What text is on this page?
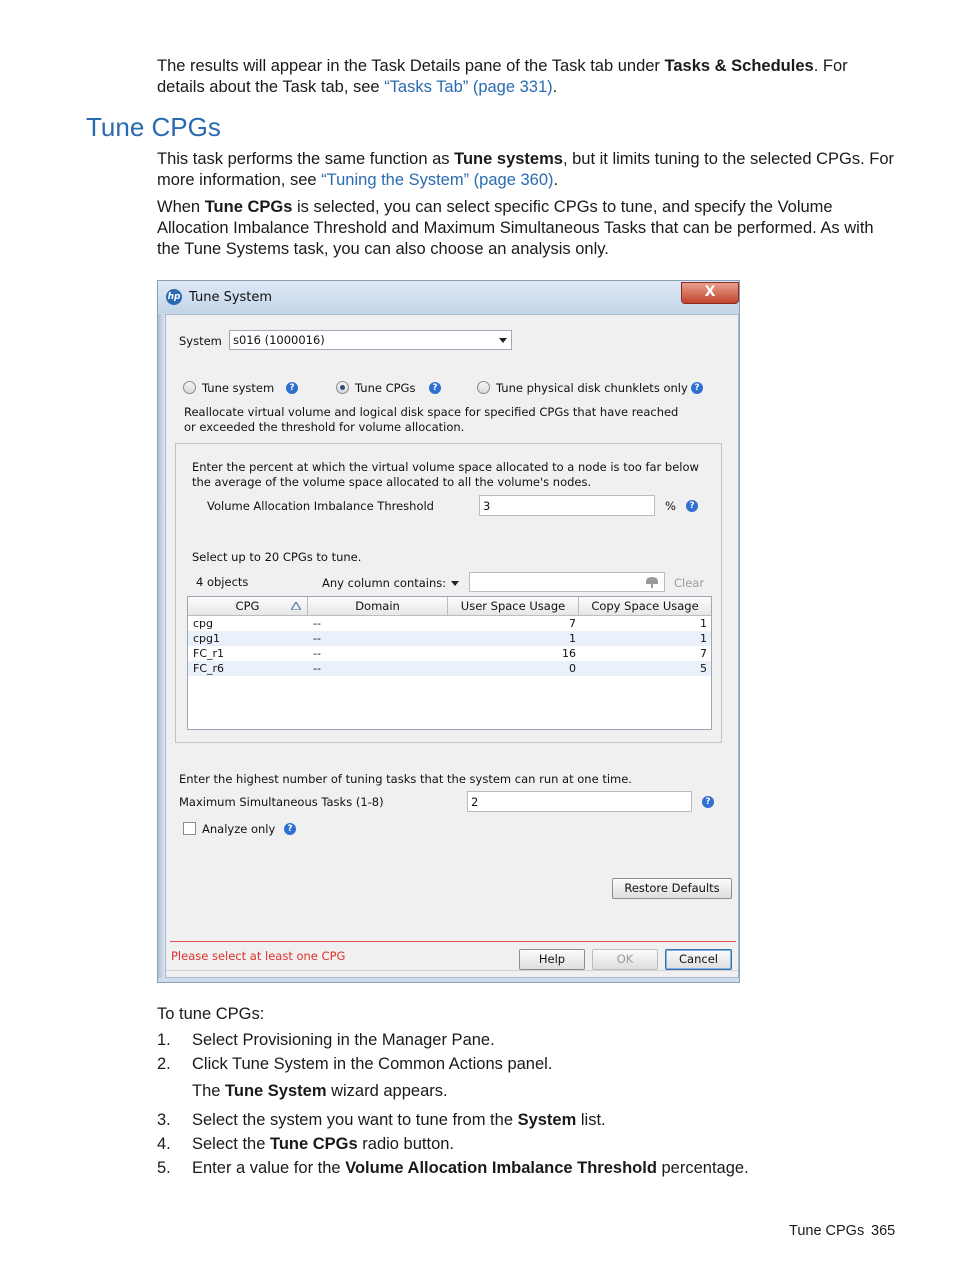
The results will appear in the Task Details pane of the Task tab under Tasks & Schedules. For details about the Task tab, see “Tasks Tab” (page 331).

Tune CPGs

This task performs the same function as Tune systems, but it limits tuning to the selected CPGs. For more information, see “Tuning the System” (page 360).

When Tune CPGs is selected, you can select specific CPGs to tune, and specify the Volume Allocation Imbalance Threshold and Maximum Simultaneous Tasks that can be performed. As with the Tune Systems task, you can also choose an analysis only.

hp Tune System	X
System s016 (1000016)
Tune system	?	Tune CPGs	?	Tune physical disk chunklets only ?
Reallocate virtual volume and logical disk space for specified CPGs that have reached or exceeded the threshold for volume allocation.
Enter the percent at which the virtual volume space allocated to a node is too far below the average of the volume space allocated to all the volume's nodes.
Volume Allocation Imbalance Threshold	3	%	?
Select up to 20 CPGs to tune.
4 objects	Any column contains:	Clear
CPG	Domain	User Space Usage	Copy Space Usage
cpg	--	7	1
cpg1	--	1	1
FC_r1	--	16	7
FC_r6	--	0	5
Enter the highest number of tuning tasks that the system can run at one time.
Maximum Simultaneous Tasks (1-8)	2	?
Analyze only	?
Restore Defaults
Please select at least one CPG	Help	OK	Cancel
To tune CPGs:
1. Select Provisioning in the Manager Pane.
2. Click Tune System in the Common Actions panel.
The Tune System wizard appears.
3. Select the system you want to tune from the System list.
4. Select the Tune CPGs radio button.
5. Enter a value for the Volume Allocation Imbalance Threshold percentage.
Tune CPGs 365
